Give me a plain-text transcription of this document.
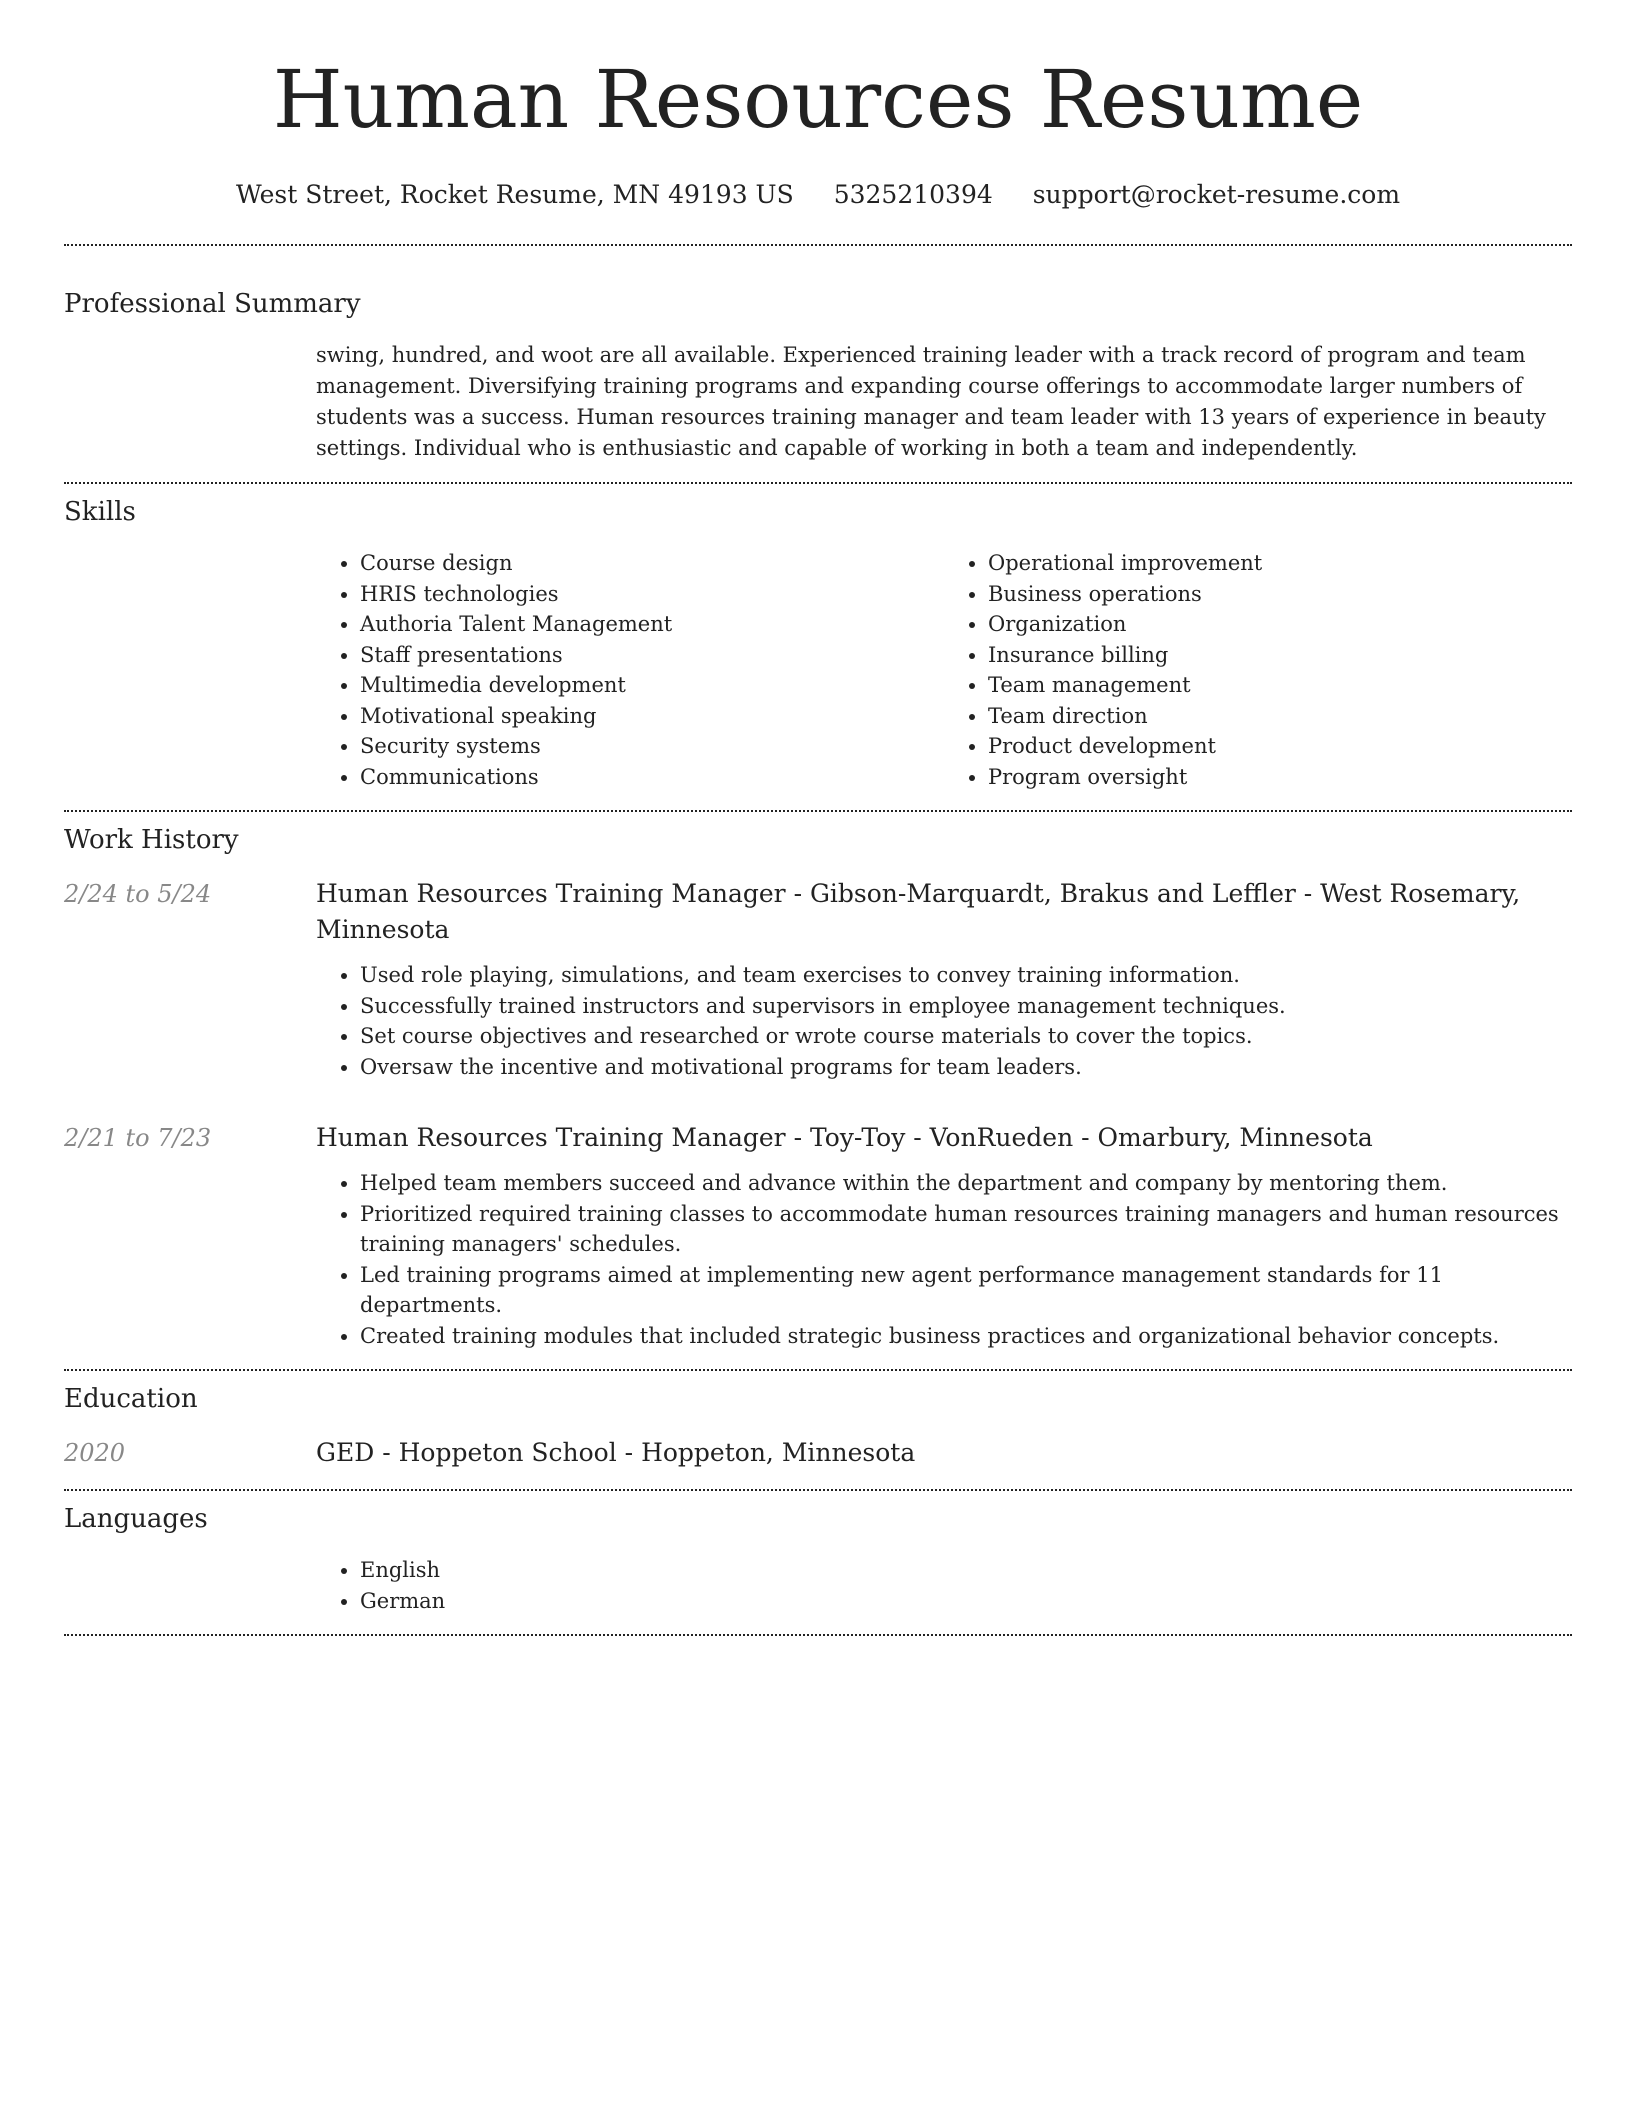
Human Resources Resume
West Street, Rocket Resume, MN 49193 US 5325210394 support@rocket-resume.com
Professional Summary
swing, hundred, and woot are all available. Experienced training leader with a track record of program and team management. Diversifying training programs and expanding course offerings to accommodate larger numbers of students was a success. Human resources training manager and team leader with 13 years of experience in beauty settings. Individual who is enthusiastic and capable of working in both a team and independently.
Skills
• Course design
• HRIS technologies
• Authoria Talent Management
• Staff presentations
• Multimedia development
• Motivational speaking
• Security systems
• Communications
• Operational improvement
• Business operations
• Organization
• Insurance billing
• Team management
• Team direction
• Product development
• Program oversight
Work History
2/24 to 5/24	Human Resources Training Manager - Gibson-Marquardt, Brakus and Leffler - West Rosemary, Minnesota
• Used role playing, simulations, and team exercises to convey training information.
• Successfully trained instructors and supervisors in employee management techniques.
• Set course objectives and researched or wrote course materials to cover the topics.
• Oversaw the incentive and motivational programs for team leaders.
2/21 to 7/23	Human Resources Training Manager - Toy-Toy - VonRueden - Omarbury, Minnesota
• Helped team members succeed and advance within the department and company by mentoring them.
• Prioritized required training classes to accommodate human resources training managers and human resources training managers' schedules.
• Led training programs aimed at implementing new agent performance management standards for 11 departments.
• Created training modules that included strategic business practices and organizational behavior concepts.
Education
2020	GED - Hoppeton School - Hoppeton, Minnesota
Languages
• English
• German
